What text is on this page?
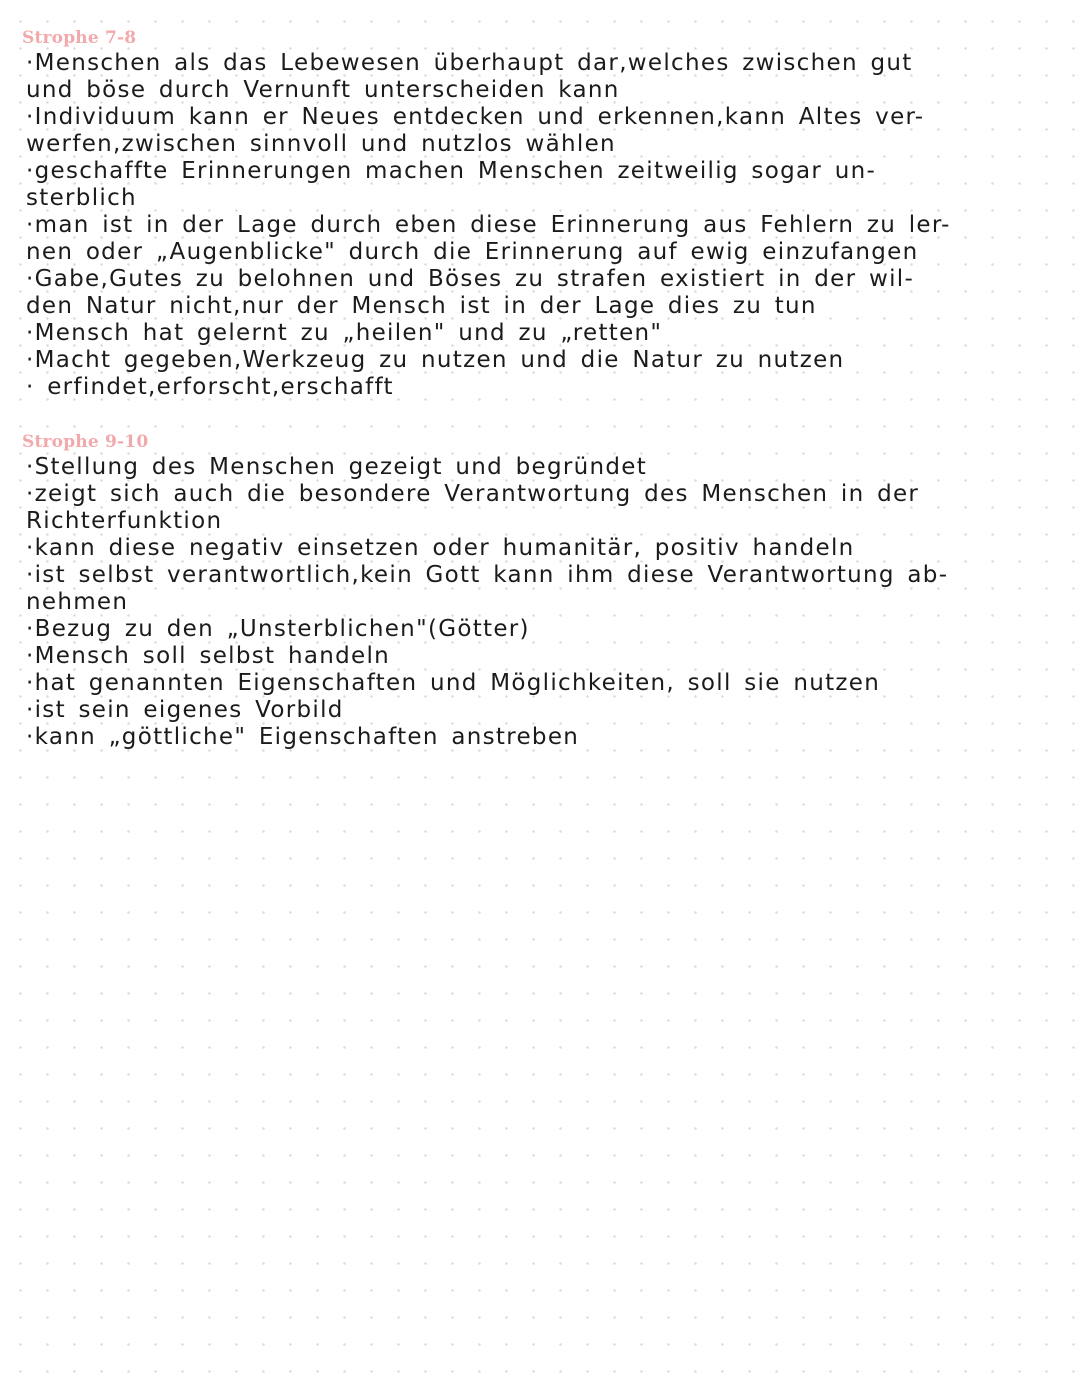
Strophe 7-8
·Menschen als das Lebewesen überhaupt dar,welches zwischen gut
und böse durch Vernunft unterscheiden kann
·Individuum kann er Neues entdecken und erkennen,kann Altes ver-
werfen,zwischen sinnvoll und nutzlos wählen
·geschaffte Erinnerungen machen Menschen zeitweilig sogar un-
sterblich
·man ist in der Lage durch eben diese Erinnerung aus Fehlern zu ler-
nen oder „Augenblicke" durch die Erinnerung auf ewig einzufangen
·Gabe,Gutes zu belohnen und Böses zu strafen existiert in der wil-
den Natur nicht,nur der Mensch ist in der Lage dies zu tun
·Mensch hat gelernt zu „heilen" und zu „retten"
·Macht gegeben,Werkzeug zu nutzen und die Natur zu nutzen
· erfindet,erforscht,erschafft
Strophe 9-10
·Stellung des Menschen gezeigt und begründet
·zeigt sich auch die besondere Verantwortung des Menschen in der
Richterfunktion
·kann diese negativ einsetzen oder humanitär, positiv handeln
·ist selbst verantwortlich,kein Gott kann ihm diese Verantwortung ab-
nehmen
·Bezug zu den „Unsterblichen"(Götter)
·Mensch soll selbst handeln
·hat genannten Eigenschaften und Möglichkeiten, soll sie nutzen
·ist sein eigenes Vorbild
·kann „göttliche" Eigenschaften anstreben
